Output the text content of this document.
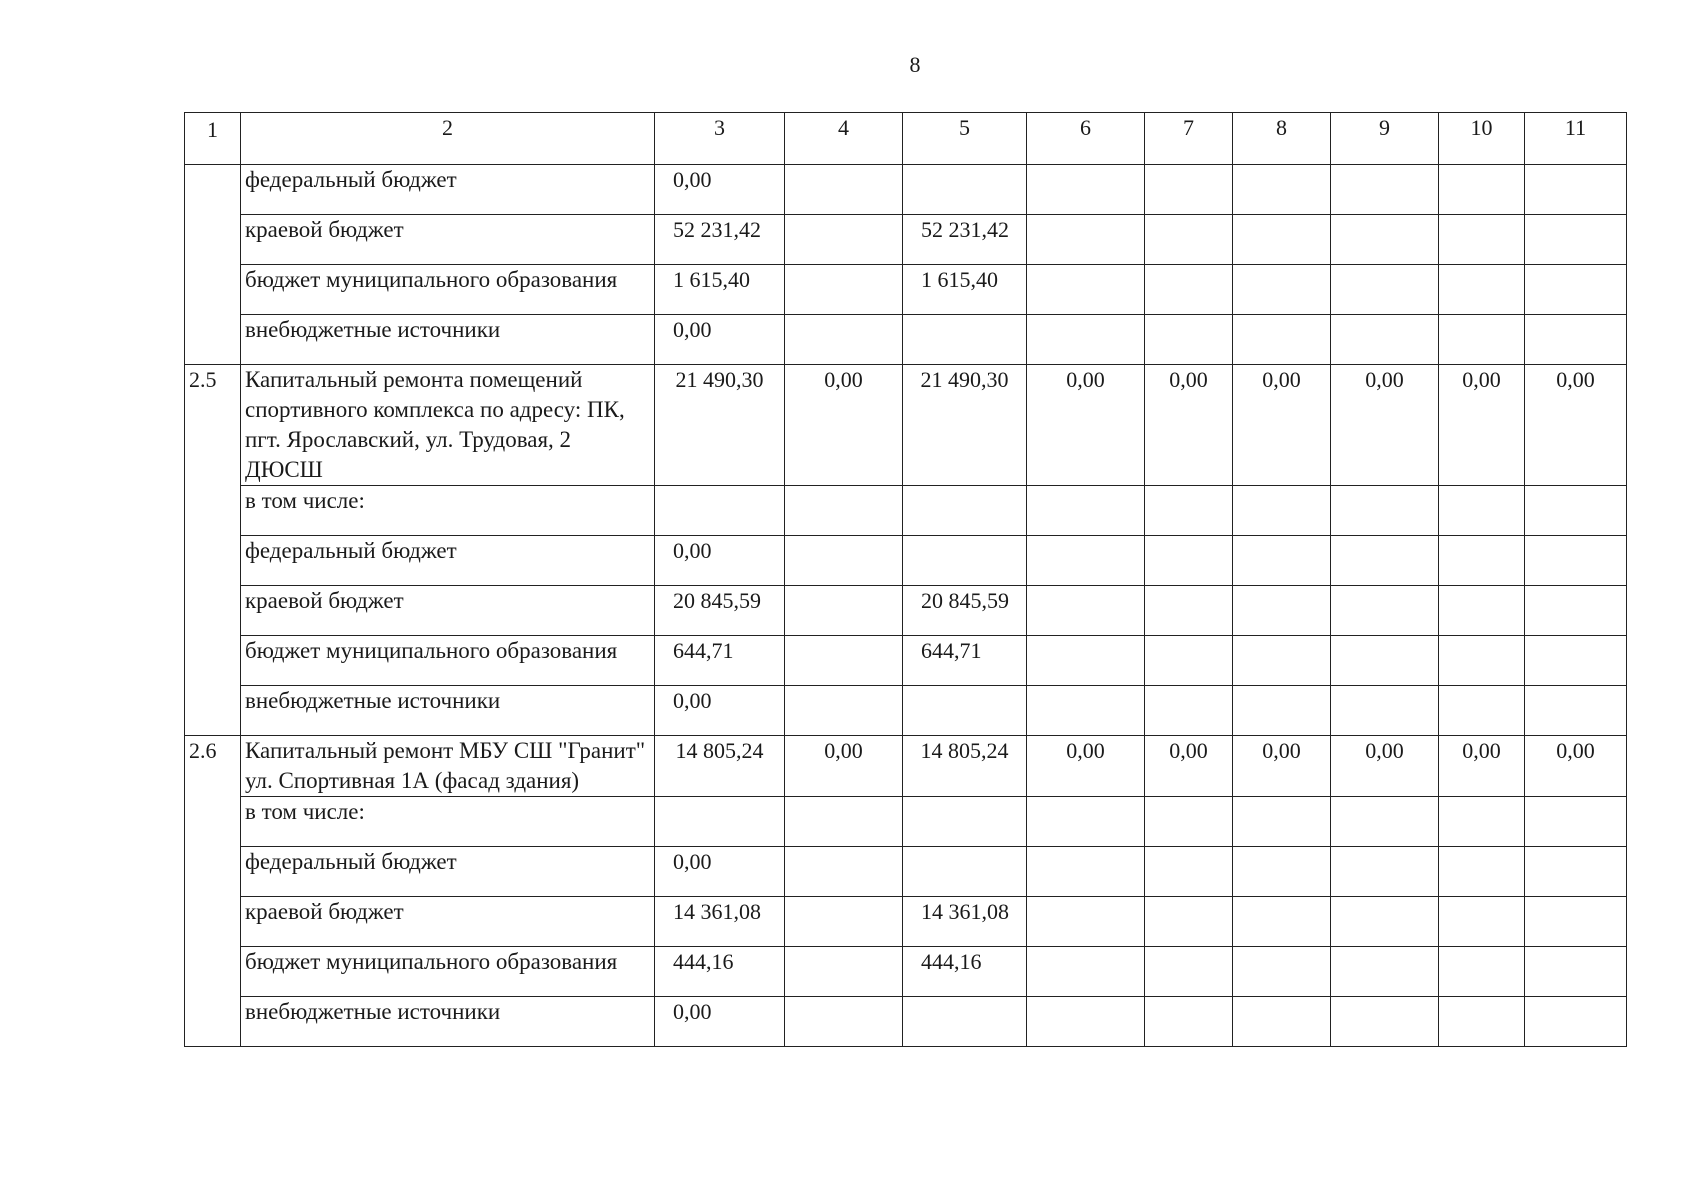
8
1	2	3	4	5	6	7	8	9	10	11
	федеральный бюджет	0,00								

	краевой бюджет	52 231,42		52 231,42						

	бюджет муниципального образования	1 615,40		1 615,40						

	внебюджетные источники	0,00								

2.5	Капитальный ремонта помещений спортивного комплекса по адресу: ПК, пгт. Ярославский, ул. Трудовая, 2 ДЮСШ	21 490,30	0,00	21 490,30	0,00	0,00	0,00	0,00	0,00	0,00
	в том числе:									
	федеральный бюджет	0,00								

	краевой бюджет	20 845,59		20 845,59						

	бюджет муниципального образования	644,71		644,71						

	внебюджетные источники	0,00								

2.6	Капитальный ремонт МБУ СШ "Гранит" ул. Спортивная 1А (фасад здания)	14 805,24	0,00	14 805,24	0,00	0,00	0,00	0,00	0,00	0,00
	в том числе:									
	федеральный бюджет	0,00								

	краевой бюджет	14 361,08		14 361,08						

	бюджет муниципального образования	444,16		444,16						

	внебюджетные источники	0,00								
